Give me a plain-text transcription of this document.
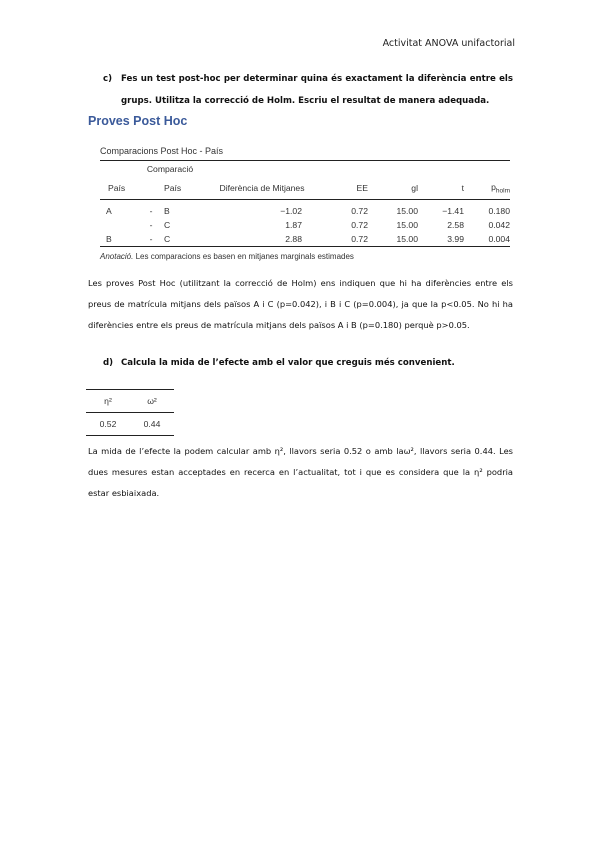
Activitat ANOVA unifactorial
c)	Fes un test post-hoc per determinar quina és exactament la diferència entre els grups. Utilitza la correcció de Holm. Escriu el resultat de manera adequada.
Proves Post Hoc
Comparacions Post Hoc - País
	Comparació						
País		País	Diferència de Mitjanes	EE	gl	t	$p_{holm}$
A	-	B	−1.02	0.72	15.00	−1.41	0.180
	-	C	1.87	0.72	15.00	2.58	0.042
B	-	C	2.88	0.72	15.00	3.99	0.004
Anotació. Les comparacions es basen en mitjanes marginals estimades
Les proves Post Hoc (utilitzant la correcció de Holm) ens indiquen que hi ha diferències entre els preus de matrícula mitjans dels països A i C (p=0.042), i B i C (p=0.004), ja que la p<0.05. No hi ha diferències entre els preus de matrícula mitjans dels països A i B (p=0.180) perquè p>0.05.
d) Calcula la mida de l’efecte amb el valor que creguis més convenient.
η²	ω²
0.52	0.44
La mida de l’efecte la podem calcular amb ƞ², llavors seria 0.52 o amb laω², llavors seria 0.44. Les dues mesures estan acceptades en recerca en l’actualitat, tot i que es considera que la ƞ² podria estar esbiaixada.
